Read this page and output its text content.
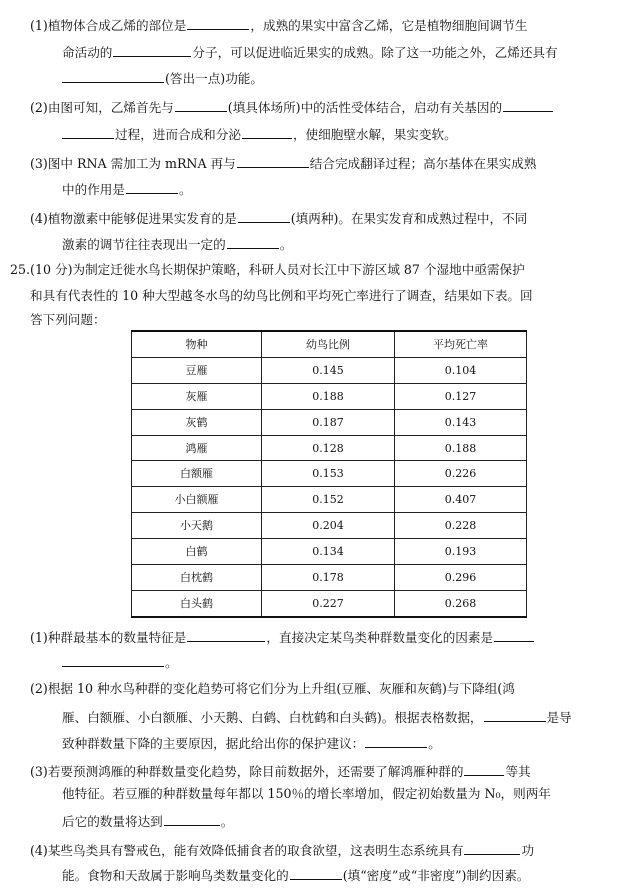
(1)植物体合成乙烯的部位是	，成熟的果实中富含乙烯，它是植物细胞间调节生
命活动的	分子，可以促进临近果实的成熟。除了这一功能之外，乙烯还具有
(答出一点)功能。
(2)由图可知，乙烯首先与	(填具体场所)中的活性受体结合，启动有关基因的
过程，进而合成和分泌	，使细胞壁水解，果实变软。
(3)图中 RNA 需加工为 mRNA 再与	结合完成翻译过程；高尔基体在果实成熟
中的作用是	。
(4)植物激素中能够促进果实发育的是	(填两种)。在果实发育和成熟过程中，不同
激素的调节往往表现出一定的	。
25.(10 分)为制定迁徙水鸟长期保护策略，科研人员对长江中下游区域 87 个湿地中亟需保护
和具有代表性的 10 种大型越冬水鸟的幼鸟比例和平均死亡率进行了调查，结果如下表。回
答下列问题：
物种	幼鸟比例	平均死亡率
豆雁	0.145	0.104
灰雁	0.188	0.127
灰鹤	0.187	0.143
鸿雁	0.128	0.188
白额雁	0.153	0.226
小白额雁	0.152	0.407
小天鹅	0.204	0.228
白鹤	0.134	0.193
白枕鹤	0.178	0.296
白头鹤	0.227	0.268
(1)种群最基本的数量特征是	，直接决定某鸟类种群数量变化的因素是
。
(2)根据 10 种水鸟种群的变化趋势可将它们分为上升组(豆雁、灰雁和灰鹤)与下降组(鸿
雁、白额雁、小白额雁、小天鹅、白鹤、白枕鹤和白头鹤)。根据表格数据，	是导
致种群数量下降的主要原因，据此给出你的保护建议：	。
(3)若要预测鸿雁的种群数量变化趋势，除目前数据外，还需要了解鸿雁种群的	等其
他特征。若豆雁的种群数量每年都以 150％的增长率增加，假定初始数量为 N₀，则两年
后它的数量将达到	。
(4)某些鸟类具有警戒色，能有效降低捕食者的取食欲望，这表明生态系统具有	功
能。食物和天敌属于影响鸟类数量变化的	(填“密度”或“非密度”)制约因素。
